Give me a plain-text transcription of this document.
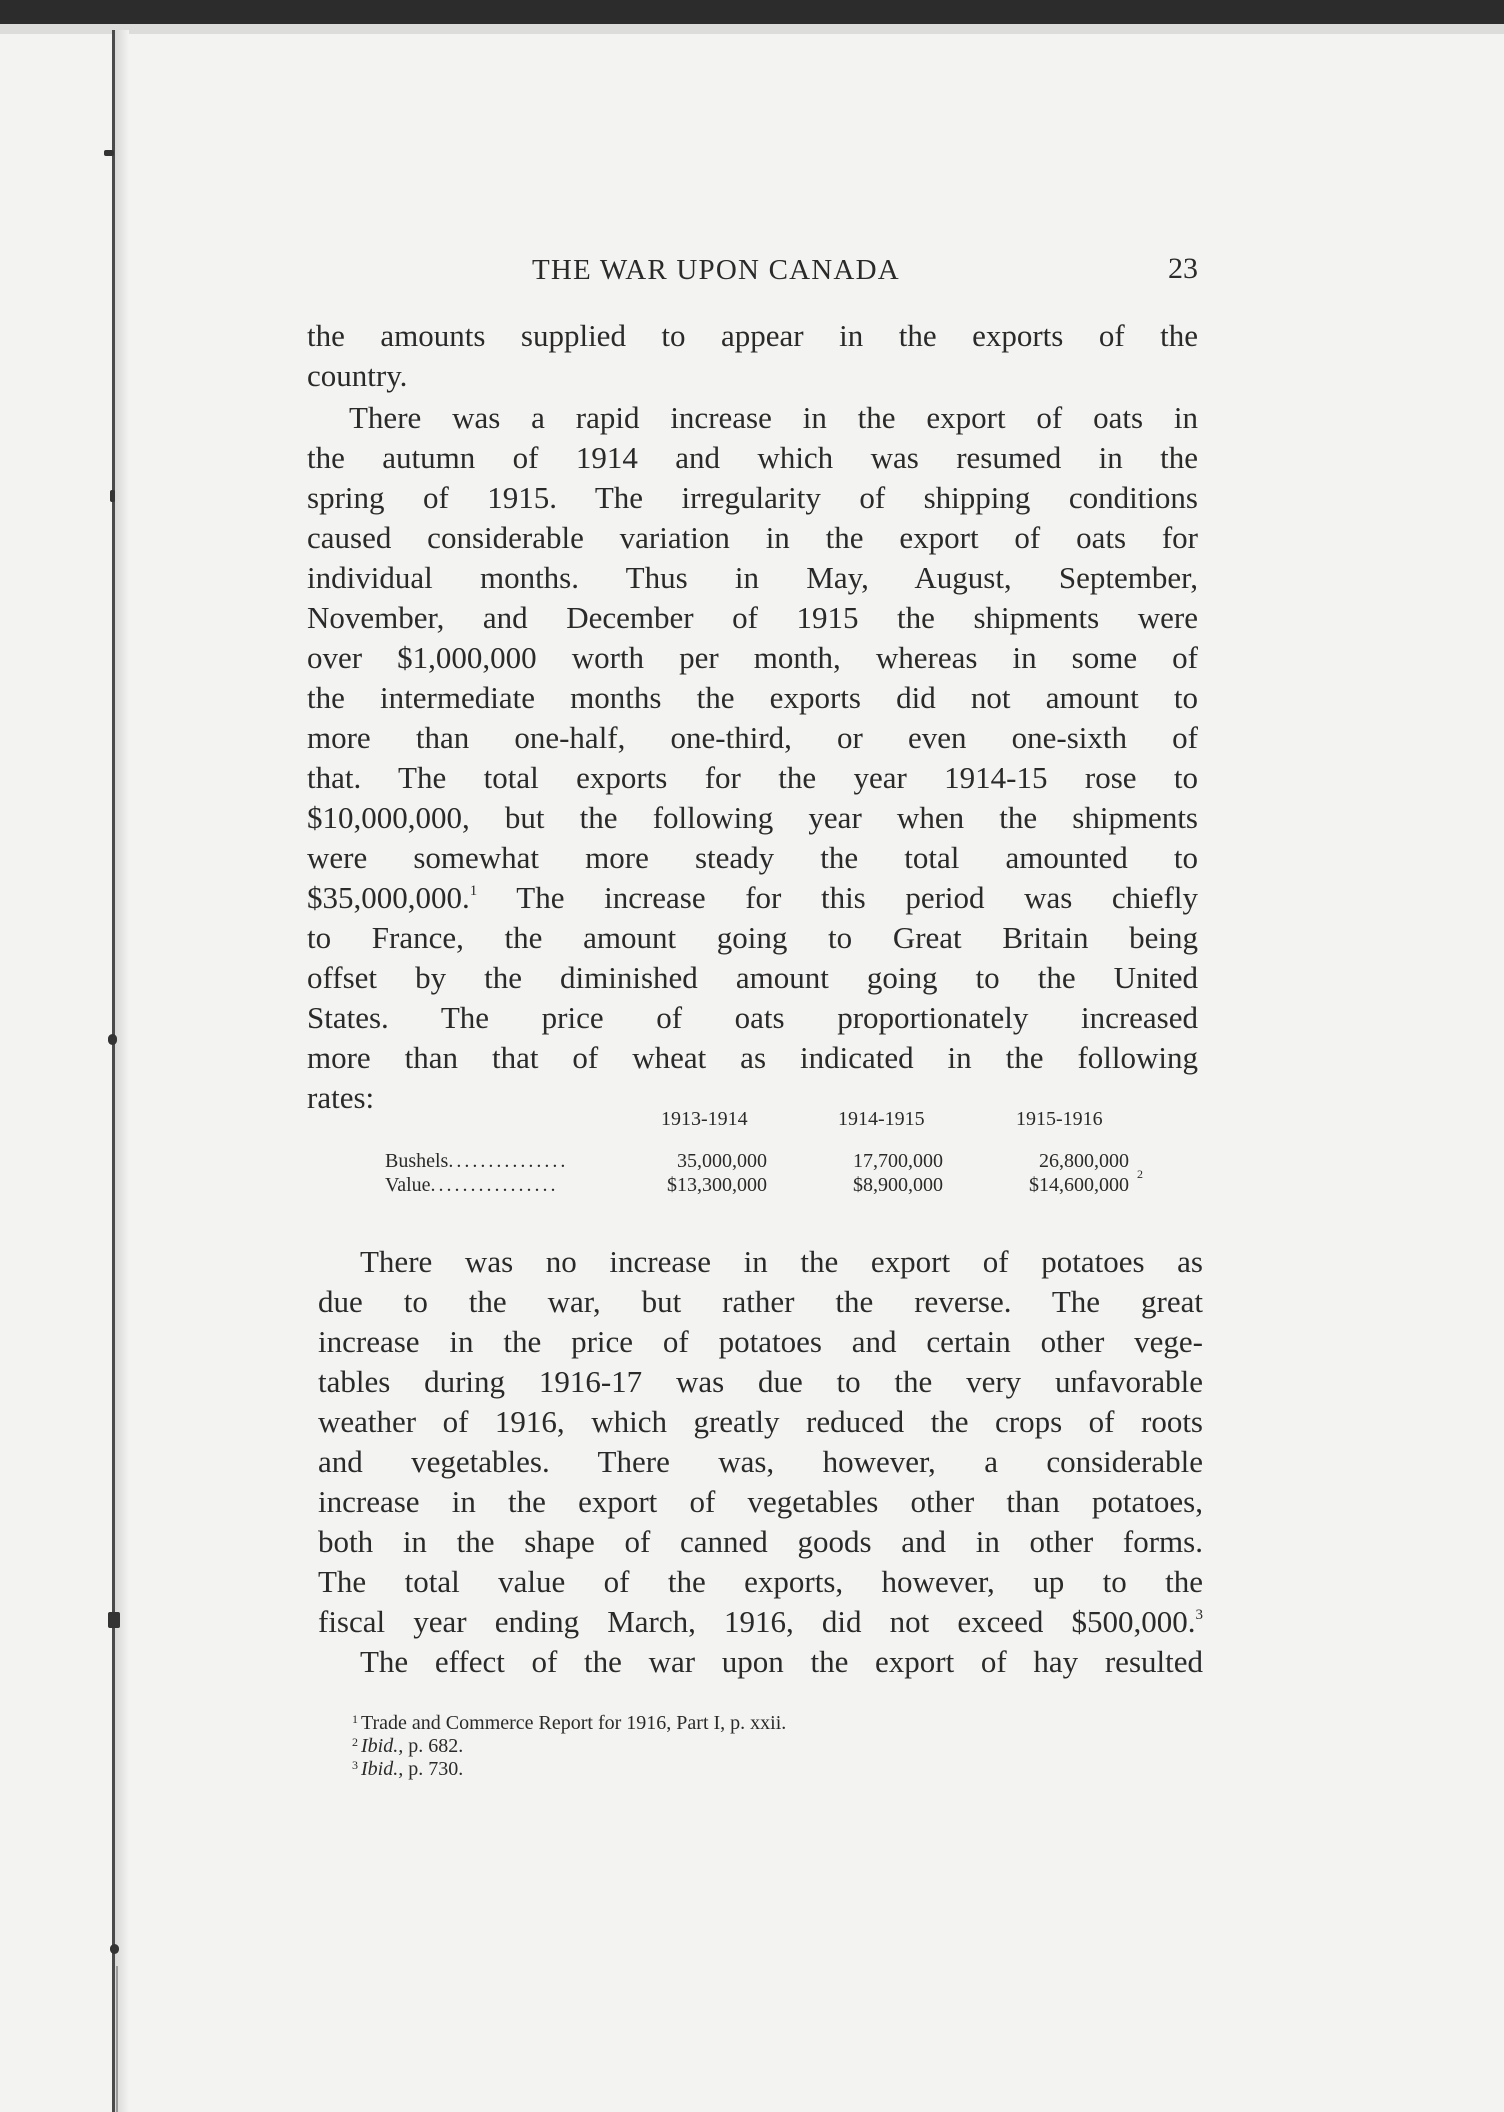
THE WAR UPON CANADA	23
the amounts supplied to appear in the exports of the
country.
There was a rapid increase in the export of oats in
the autumn of 1914 and which was resumed in the
spring of 1915. The irregularity of shipping conditions
caused considerable variation in the export of oats for
individual months. Thus in May, August, September,
November, and December of 1915 the shipments were
over $1,000,000 worth per month, whereas in some of
the intermediate months the exports did not amount to
more than one-half, one-third, or even one-sixth of
that. The total exports for the year 1914-15 rose to
$10,000,000, but the following year when the shipments
were somewhat more steady the total amounted to
$35,000,000.$^1$ The increase for this period was chiefly
to France, the amount going to Great Britain being
offset by the diminished amount going to the United
States. The price of oats proportionately increased
more than that of wheat as indicated in the following
rates:
1913-1914	1914-1915	1915-1916
Bushels...............	35,000,000	17,700,000	26,800,000
Value................	$13,300,000	$8,900,000	$14,600,000 2
There was no increase in the export of potatoes as
due to the war, but rather the reverse. The great
increase in the price of potatoes and certain other vege-
tables during 1916-17 was due to the very unfavorable
weather of 1916, which greatly reduced the crops of roots
and vegetables. There was, however, a considerable
increase in the export of vegetables other than potatoes,
both in the shape of canned goods and in other forms.
The total value of the exports, however, up to the
fiscal year ending March, 1916, did not exceed $500,000.$^3$
The effect of the war upon the export of hay resulted
$^1$ Trade and Commerce Report for 1916, Part I, p. xxii.
$^2$ Ibid., p. 682.
$^3$ Ibid., p. 730.
